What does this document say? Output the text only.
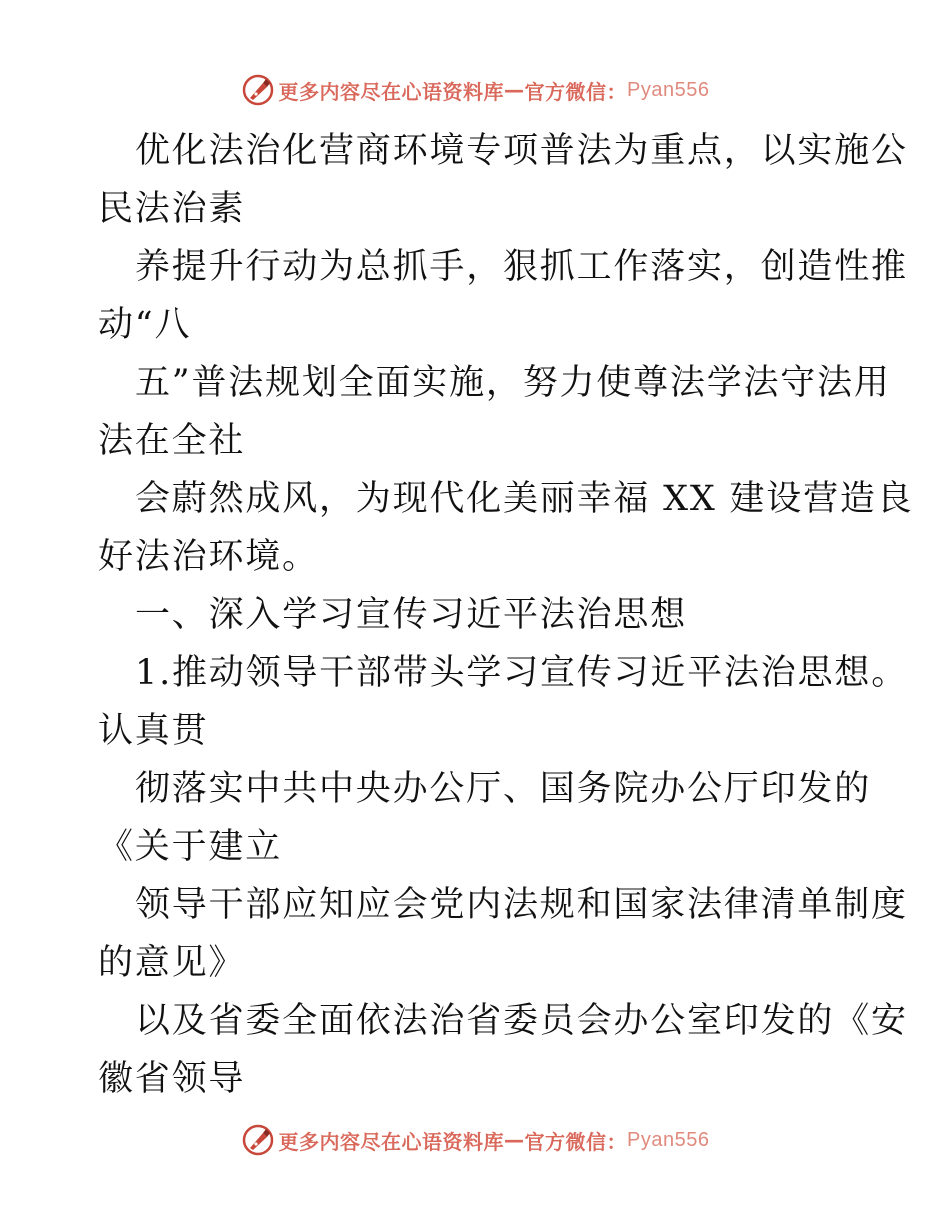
更多内容尽在心语资料库 — 官方微信： Pyan556
优化法治化营商环境专项普法为重点，以实施公
民法治素
养提升行动为总抓手，狠抓工作落实，创造性推
动“八
五”普法规划全面实施，努力使尊法学法守法用
法在全社
会蔚然成风，为现代化美丽幸福 XX 建设营造良
好法治环境。
一、深入学习宣传习近平法治思想
1.推动领导干部带头学习宣传习近平法治思想。
认真贯
彻落实中共中央办公厅、国务院办公厅印发的
《关于建立
领导干部应知应会党内法规和国家法律清单制度
的意见》
以及省委全面依法治省委员会办公室印发的《安
徽省领导
更多内容尽在心语资料库 — 官方微信： Pyan556
